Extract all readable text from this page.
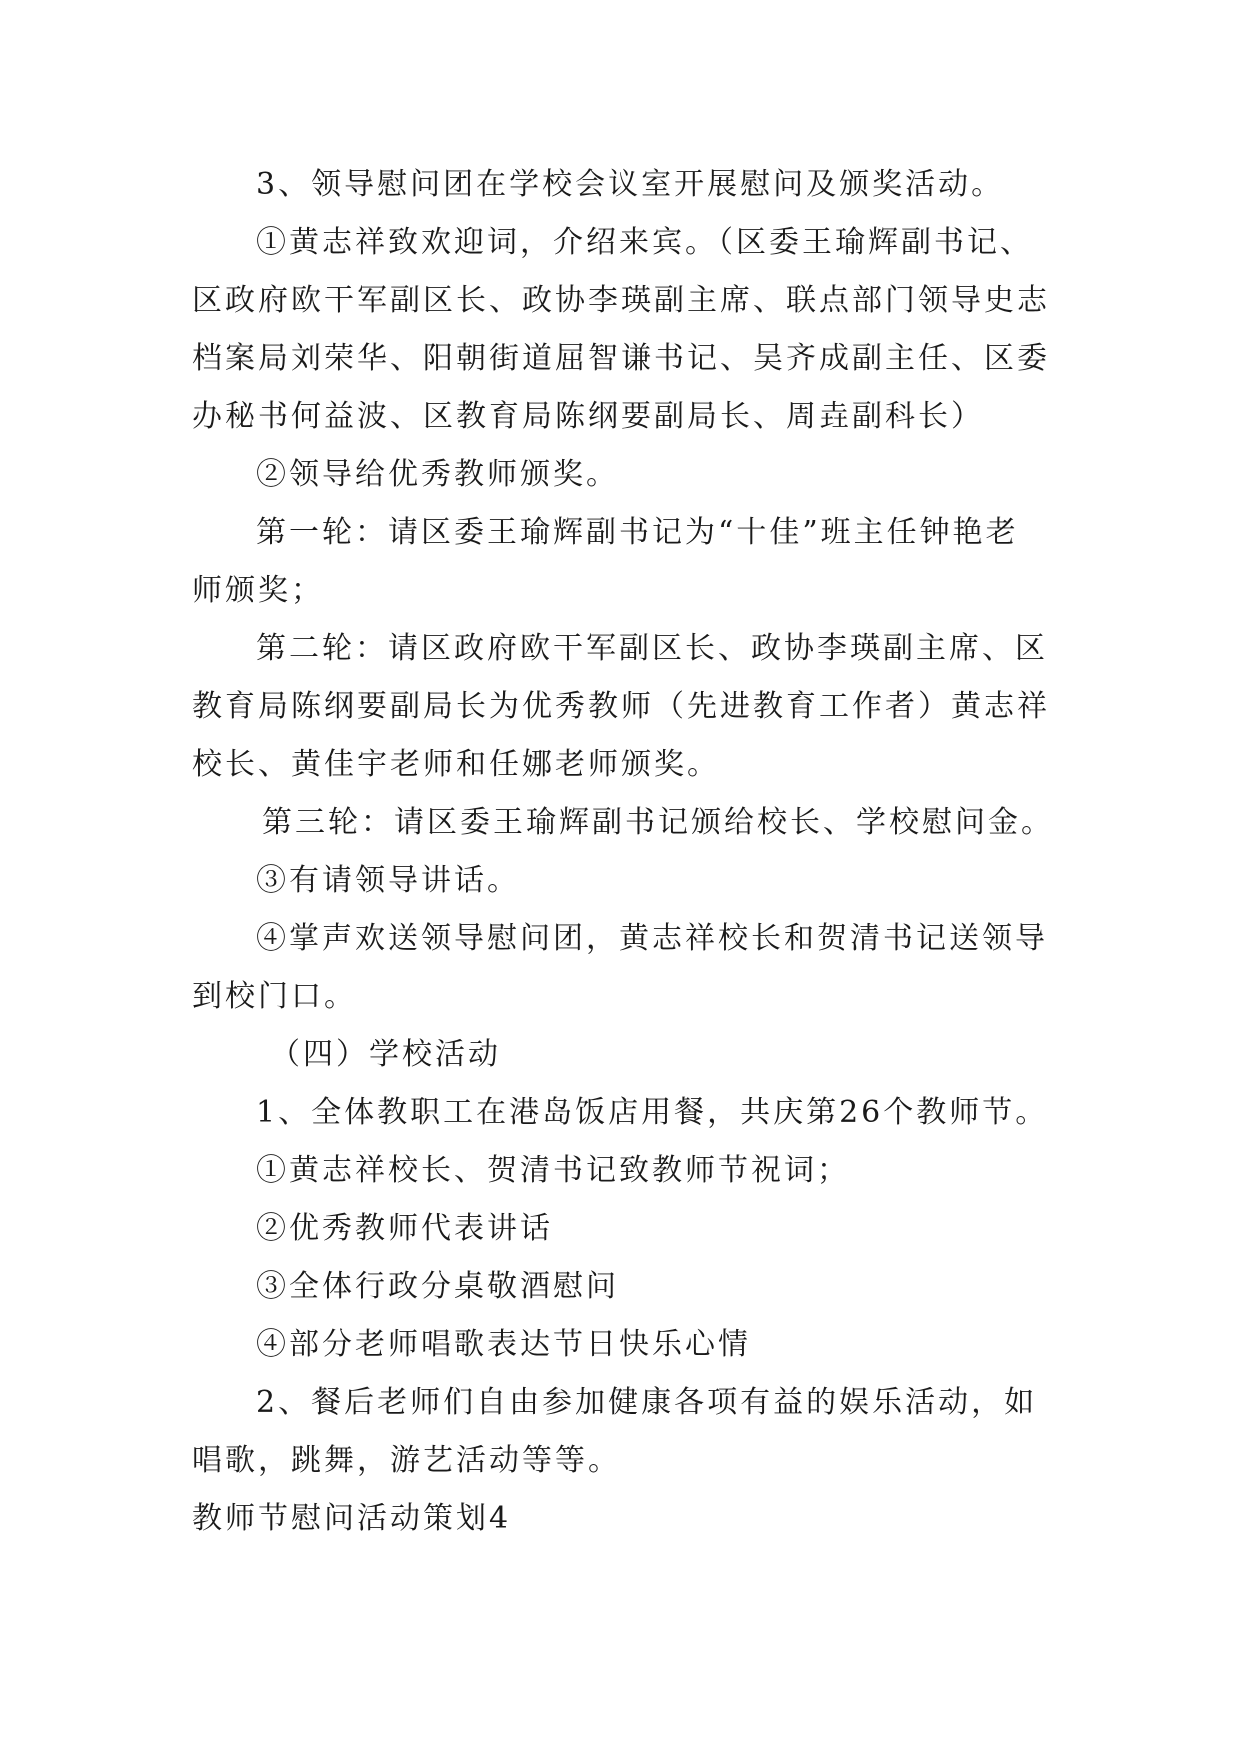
3、领导慰问团在学校会议室开展慰问及颁奖活动。
①黄志祥致欢迎词，介绍来宾。（区委王瑜辉副书记、
区政府欧干军副区长、政协李瑛副主席、联点部门领导史志
档案局刘荣华、阳朝街道屈智谦书记、吴齐成副主任、区委
办秘书何益波、区教育局陈纲要副局长、周垚副科长）
②领导给优秀教师颁奖。
第一轮：请区委王瑜辉副书记为“十佳”班主任钟艳老
师颁奖；
第二轮：请区政府欧干军副区长、政协李瑛副主席、区
教育局陈纲要副局长为优秀教师（先进教育工作者）黄志祥
校长、黄佳宇老师和任娜老师颁奖。
第三轮：请区委王瑜辉副书记颁给校长、学校慰问金。
③有请领导讲话。
④掌声欢送领导慰问团，黄志祥校长和贺清书记送领导
到校门口。
（四）学校活动
1、全体教职工在港岛饭店用餐，共庆第26个教师节。
①黄志祥校长、贺清书记致教师节祝词；
②优秀教师代表讲话
③全体行政分桌敬酒慰问
④部分老师唱歌表达节日快乐心情
2、餐后老师们自由参加健康各项有益的娱乐活动，如
唱歌，跳舞，游艺活动等等。
教师节慰问活动策划4
